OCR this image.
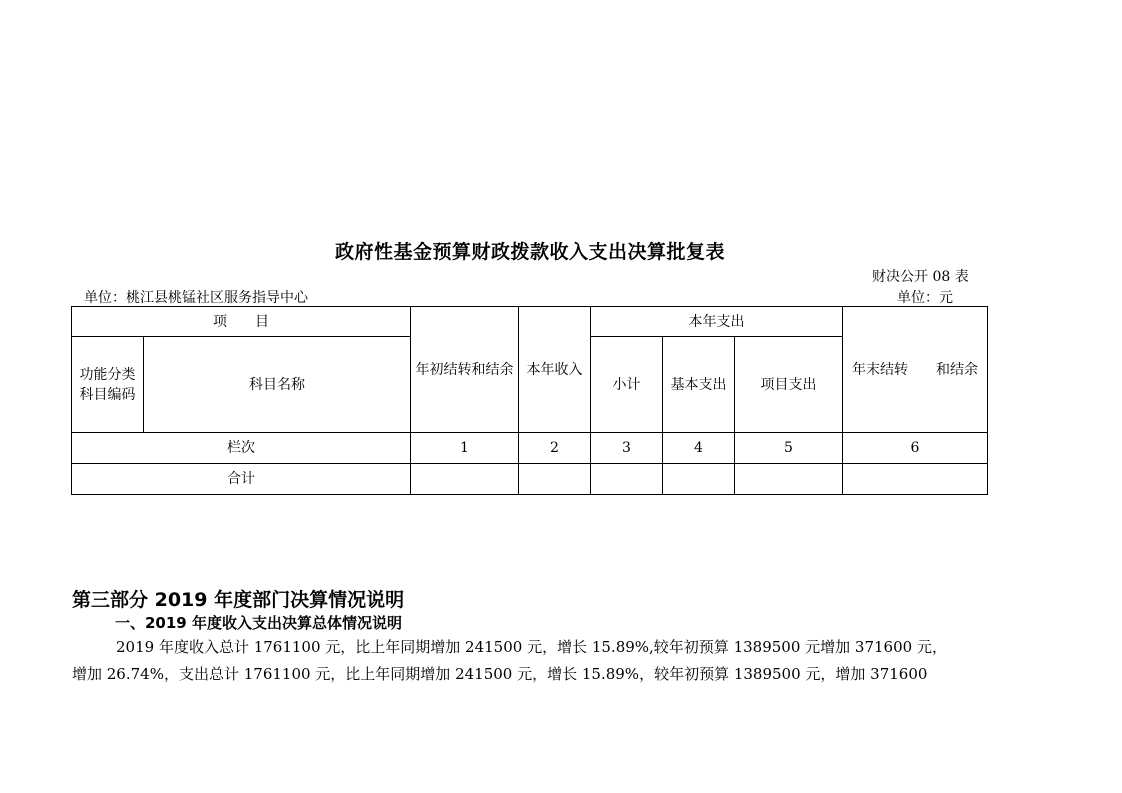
政府性基金预算财政拨款收入支出决算批复表
财决公开 08 表
单位：桃江县桃锰社区服务指导中心	单位：元
项　　目		年初结转和结余	本年收入	本年支出			年末结转　　和结余
功能分类科目编码	科目名称			小计	基本支出	项目支出	
栏次		1	2	3	4	5	6
合计							
第三部分 2019 年度部门决算情况说明
一、2019 年度收入支出决算总体情况说明
2019 年度收入总计 1761100 元，比上年同期增加 241500 元，增长 15.89%,较年初预算 1389500 元增加 371600 元，
增加 26.74%，支出总计 1761100 元，比上年同期增加 241500 元，增长 15.89%，较年初预算 1389500 元，增加 371600
